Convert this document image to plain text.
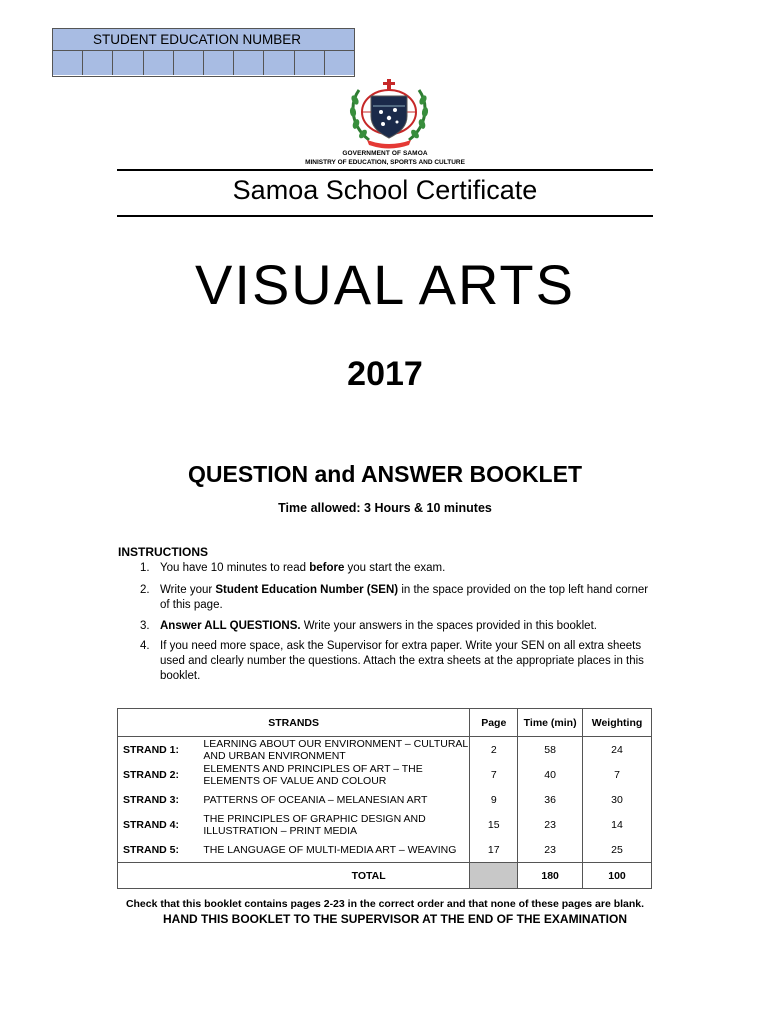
STUDENT EDUCATION NUMBER
GOVERNMENT OF SAMOA
MINISTRY OF EDUCATION, SPORTS AND CULTURE
Samoa School Certificate
VISUAL ARTS
2017
QUESTION and ANSWER BOOKLET
Time allowed: 3 Hours & 10 minutes
INSTRUCTIONS
1. You have 10 minutes to read before you start the exam.
2. Write your Student Education Number (SEN) in the space provided on the top left hand corner of this page.
3. Answer ALL QUESTIONS. Write your answers in the spaces provided in this booklet.
4. If you need more space, ask the Supervisor for extra paper. Write your SEN on all extra sheets used and clearly number the questions. Attach the extra sheets at the appropriate places in this booklet.
STRANDS		Page	Time (min)	Weighting
STRAND 1:	LEARNING ABOUT OUR ENVIRONMENT – CULTURAL AND URBAN ENVIRONMENT	2	58	24
STRAND 2:	ELEMENTS AND PRINCIPLES OF ART – THE ELEMENTS OF VALUE AND COLOUR	7	40	7
STRAND 3:	PATTERNS OF OCEANIA – MELANESIAN ART	9	36	30
STRAND 4:	THE PRINCIPLES OF GRAPHIC DESIGN AND ILLUSTRATION – PRINT MEDIA	15	23	14
STRAND 5:	THE LANGUAGE OF MULTI-MEDIA ART – WEAVING	17	23	25
TOTAL			180	100
Check that this booklet contains pages 2-23 in the correct order and that none of these pages are blank.
HAND THIS BOOKLET TO THE SUPERVISOR AT THE END OF THE EXAMINATION
